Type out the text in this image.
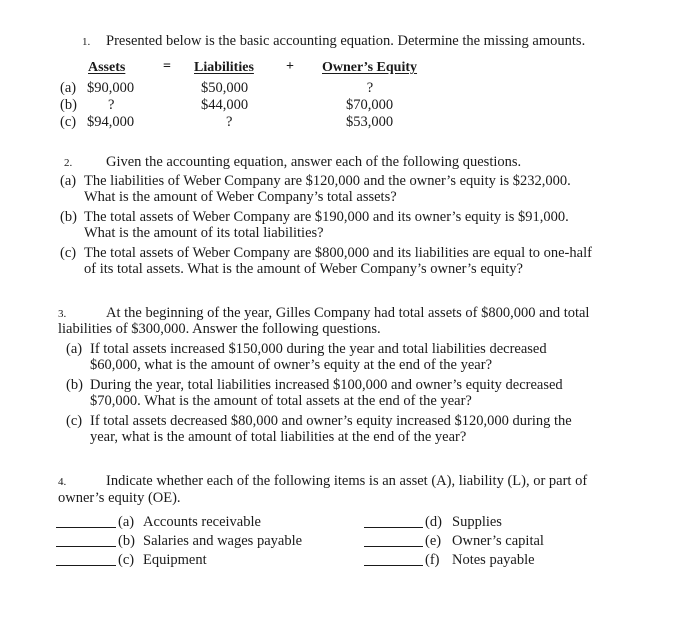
1. Presented below is the basic accounting equation. Determine the missing amounts.
Assets	= Liabilities + Owner’s Equity
(a) $90,000	$50,000	?
(b) ?	$44,000	$70,000
(c) $94,000	?	$53,000
2. Given the accounting equation, answer each of the following questions.
(a) The liabilities of Weber Company are $120,000 and the owner’s equity is $232,000.
What is the amount of Weber Company’s total assets?
(b) The total assets of Weber Company are $190,000 and its owner’s equity is $91,000.
What is the amount of its total liabilities?
(c) The total assets of Weber Company are $800,000 and its liabilities are equal to one-half
of its total assets. What is the amount of Weber Company’s owner’s equity?
3.	At the beginning of the year, Gilles Company had total assets of $800,000 and total
liabilities of $300,000. Answer the following questions.
(a) If total assets increased $150,000 during the year and total liabilities decreased
$60,000, what is the amount of owner’s equity at the end of the year?
(b) During the year, total liabilities increased $100,000 and owner’s equity decreased
$70,000. What is the amount of total assets at the end of the year?
(c) If total assets decreased $80,000 and owner’s equity increased $120,000 during the
year, what is the amount of total liabilities at the end of the year?
4.	Indicate whether each of the following items is an asset (A), liability (L), or part of
owner’s equity (OE).
(a) Accounts receivable
(b) Salaries and wages payable
(c) Equipment
(d) Supplies
(e) Owner’s capital
(f) Notes payable
